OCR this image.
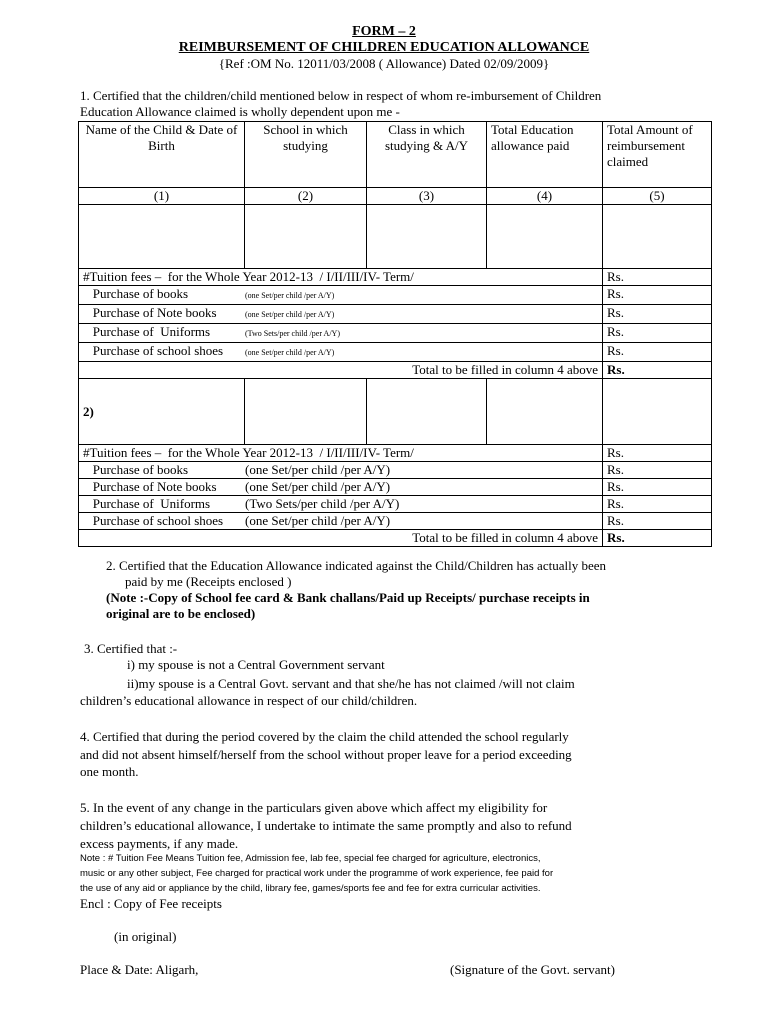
FORM – 2
REIMBURSEMENT OF CHILDREN EDUCATION ALLOWANCE
{Ref :OM No. 12011/03/2008 ( Allowance) Dated 02/09/2009}
1. Certified that the children/child mentioned below in respect of whom re-imbursement of Children
Education Allowance claimed is wholly dependent upon me -
Name of the Child & Date of Birth	School in which studying	Class in which studying & A/Y	Total Education allowance paid	Total Amount of reimbursement claimed
(1)	(2)	(3)	(4)	(5)

#Tuition fees –  for the Whole Year 2012-13  / I/II/III/IV- Term/				Rs.
Purchase of books (one Set/per child /per A/Y)				Rs.
Purchase of Note books (one Set/per child /per A/Y)				Rs.
Purchase of  Uniforms (Two Sets/per child /per A/Y)				Rs.
Purchase of school shoes (one Set/per child /per A/Y)				Rs.
Total to be filled in column 4 above				Rs.
2)				
#Tuition fees –  for the Whole Year 2012-13  / I/II/III/IV- Term/				Rs.
Purchase of books (one Set/per child /per A/Y)				Rs.
Purchase of Note books (one Set/per child /per A/Y)				Rs.
Purchase of  Uniforms (Two Sets/per child /per A/Y)				Rs.
Purchase of school shoes (one Set/per child /per A/Y)				Rs.
Total to be filled in column 4 above				Rs.
2. Certified that the Education Allowance indicated against the Child/Children has actually been
paid by me (Receipts enclosed )
(Note :-Copy of School fee card & Bank challans/Paid up Receipts/ purchase receipts in
original are to be enclosed)
3. Certified that :-
i) my spouse is not a Central Government servant
ii)my spouse is a Central Govt. servant and that she/he has not claimed /will not claim
children’s educational allowance in respect of our child/children.
4. Certified that during the period covered by the claim the child attended the school regularly
and did not absent himself/herself from the school without proper leave for a period exceeding
one month.
5. In the event of any change in the particulars given above which affect my eligibility for
children’s educational allowance, I undertake to intimate the same promptly and also to refund
excess payments, if any made.
Note : # Tuition Fee Means Tuition fee, Admission fee, lab fee, special fee charged for agriculture, electronics,
music or any other subject, Fee charged for practical work under the programme of work experience, fee paid for
the use of any aid or appliance by the child, library fee, games/sports fee and fee for extra curricular activities.
Encl : Copy of Fee receipts
(in original)
Place & Date: Aligarh,	(Signature of the Govt. servant)
